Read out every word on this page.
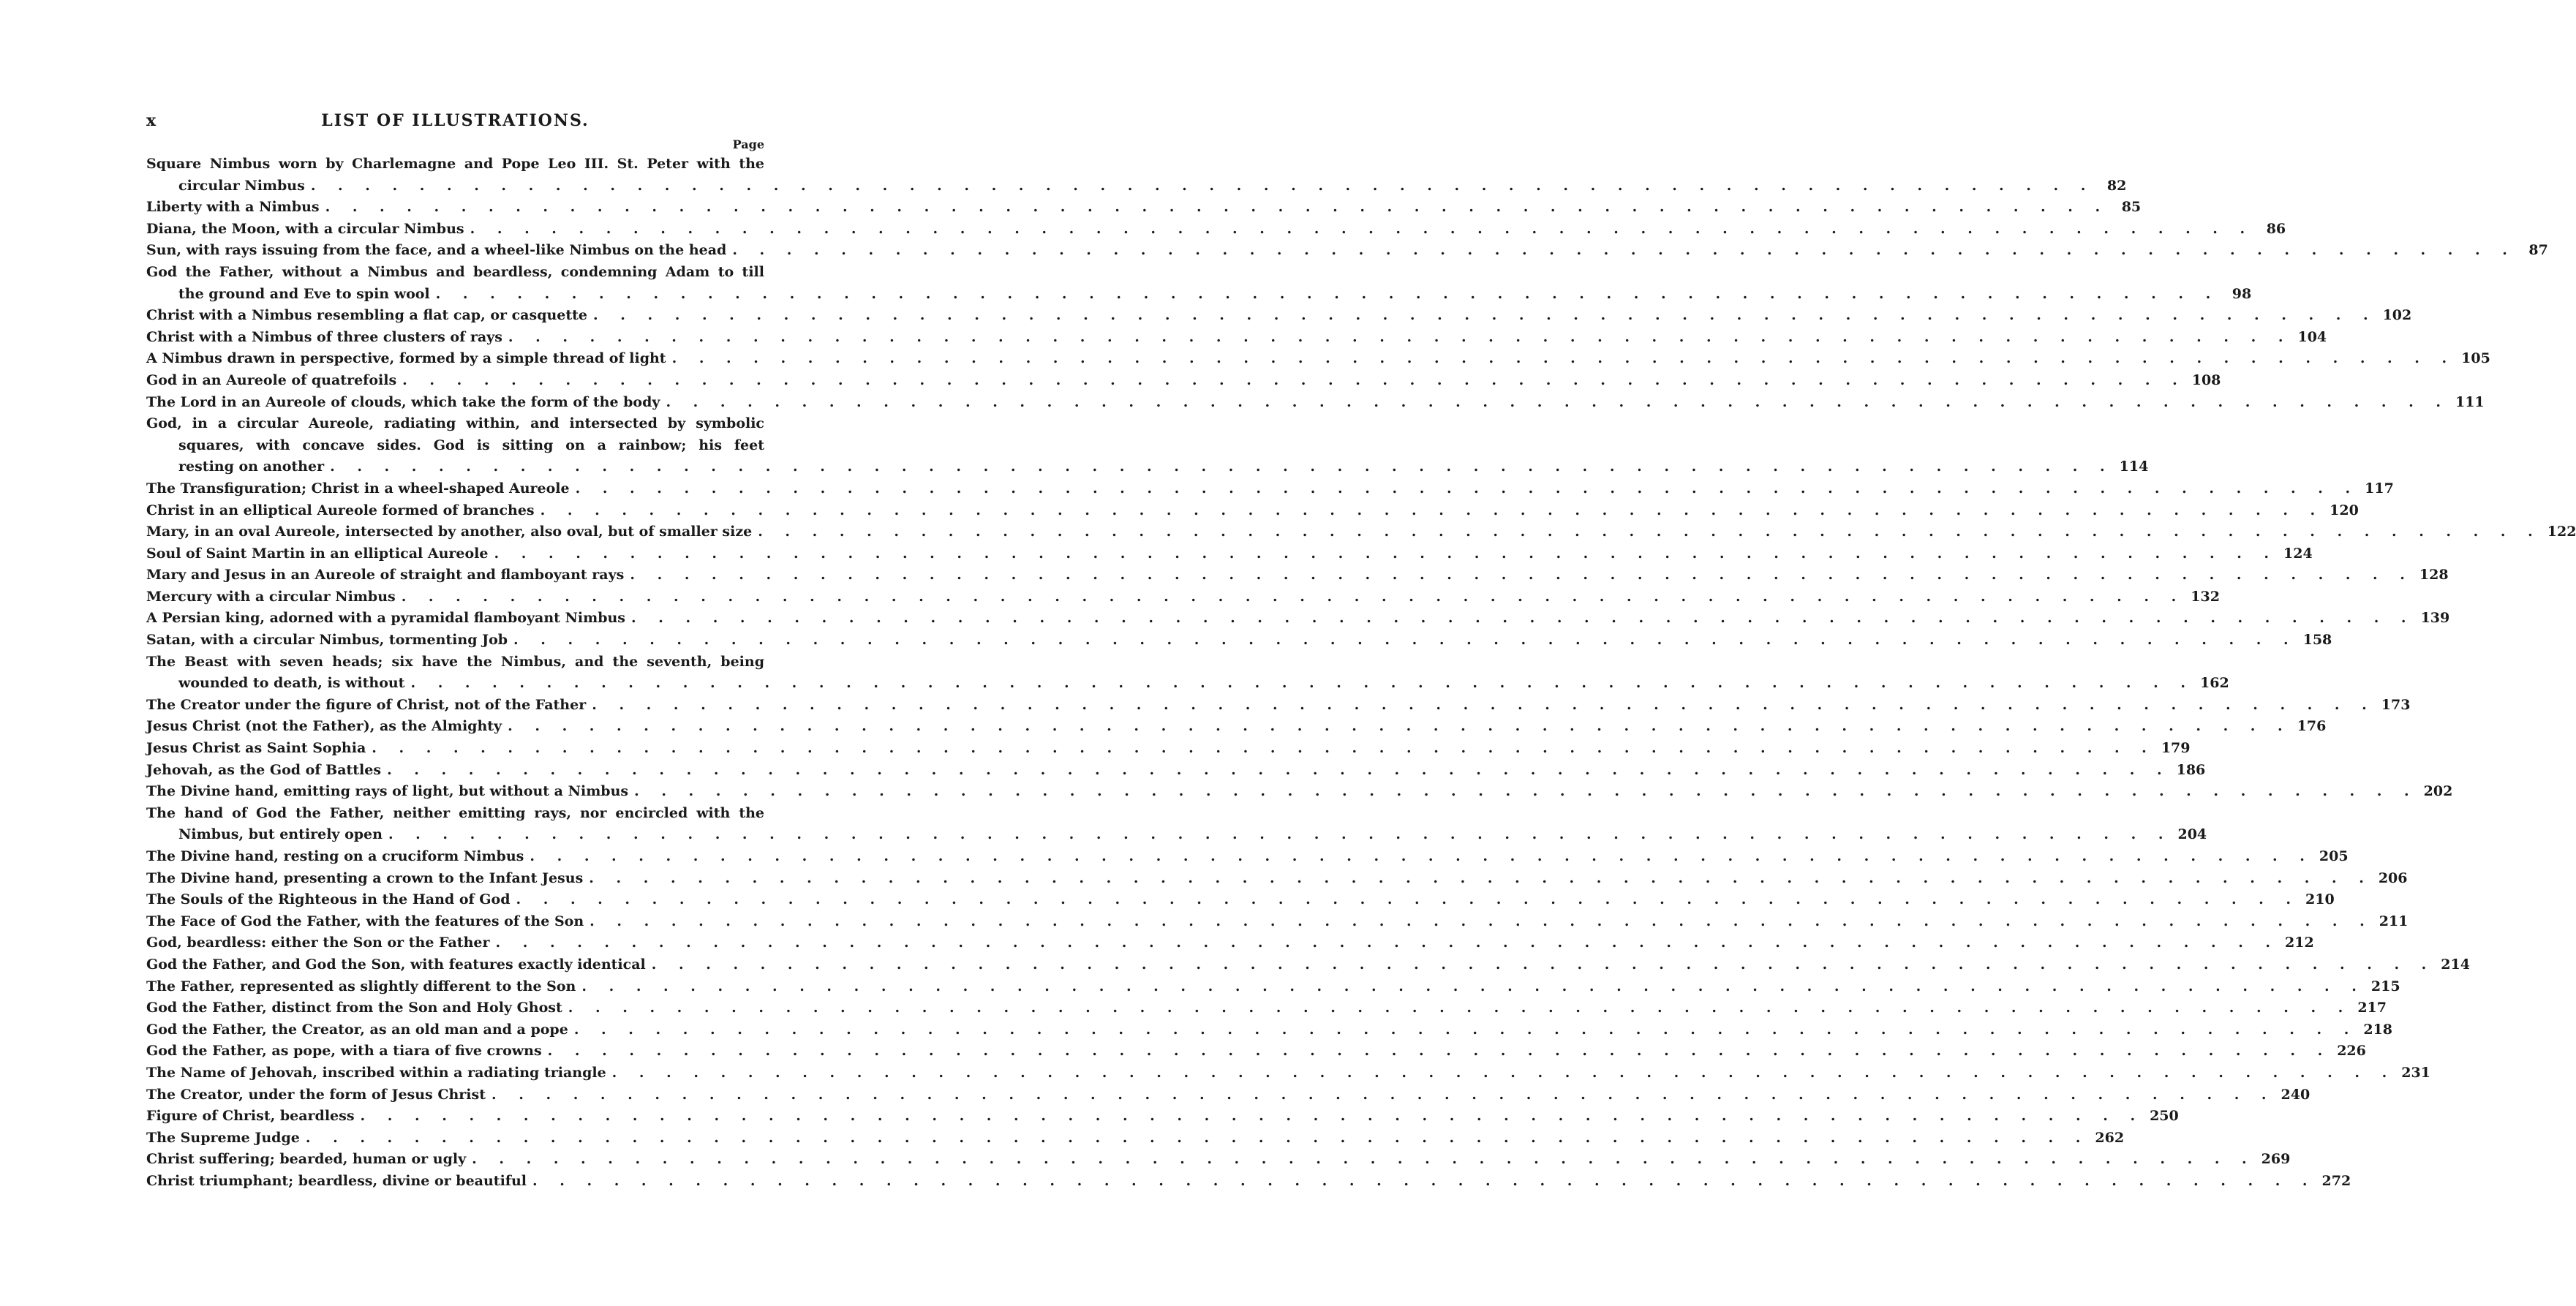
x	LIST OF ILLUSTRATIONS.
Page
Square Nimbus worn by Charlemagne and Pope Leo III. St. Peter with the
circular Nimbus . . .	82
Liberty with a Nimbus . . .	85
Diana, the Moon, with a circular Nimbus . . .	86
Sun, with rays issuing from the face, and a wheel-like Nimbus on the head . . .	87
God the Father, without a Nimbus and beardless, condemning Adam to till
the ground and Eve to spin wool . . .	98
Christ with a Nimbus resembling a flat cap, or casquette . . .	102
Christ with a Nimbus of three clusters of rays . . .	104
A Nimbus drawn in perspective, formed by a simple thread of light . . .	105
God in an Aureole of quatrefoils . . .	108
The Lord in an Aureole of clouds, which take the form of the body . . .	111
God, in a circular Aureole, radiating within, and intersected by symbolic
squares, with concave sides. God is sitting on a rainbow; his feet
resting on another . . .	114
The Transfiguration; Christ in a wheel-shaped Aureole . . .	117
Christ in an elliptical Aureole formed of branches . . .	120
Mary, in an oval Aureole, intersected by another, also oval, but of smaller size . . .	122
Soul of Saint Martin in an elliptical Aureole . . .	124
Mary and Jesus in an Aureole of straight and flamboyant rays . . .	128
Mercury with a circular Nimbus . . .	132
A Persian king, adorned with a pyramidal flamboyant Nimbus . . .	139
Satan, with a circular Nimbus, tormenting Job . . .	158
The Beast with seven heads; six have the Nimbus, and the seventh, being
wounded to death, is without . . .	162
The Creator under the figure of Christ, not of the Father . . .	173
Jesus Christ (not the Father), as the Almighty . . .	176
Jesus Christ as Saint Sophia . . .	179
Jehovah, as the God of Battles . . .	186
The Divine hand, emitting rays of light, but without a Nimbus . . .	202
The hand of God the Father, neither emitting rays, nor encircled with the
Nimbus, but entirely open . . .	204
The Divine hand, resting on a cruciform Nimbus . . .	205
The Divine hand, presenting a crown to the Infant Jesus . . .	206
The Souls of the Righteous in the Hand of God . . .	210
The Face of God the Father, with the features of the Son . . .	211
God, beardless: either the Son or the Father . . .	212
God the Father, and God the Son, with features exactly identical . . .	214
The Father, represented as slightly different to the Son . . .	215
God the Father, distinct from the Son and Holy Ghost . . .	217
God the Father, the Creator, as an old man and a pope . . .	218
God the Father, as pope, with a tiara of five crowns . . .	226
The Name of Jehovah, inscribed within a radiating triangle . . .	231
The Creator, under the form of Jesus Christ . . .	240
Figure of Christ, beardless . . .	250
The Supreme Judge . . .	262
Christ suffering; bearded, human or ugly . . .	269
Christ triumphant; beardless, divine or beautiful . . .	272
